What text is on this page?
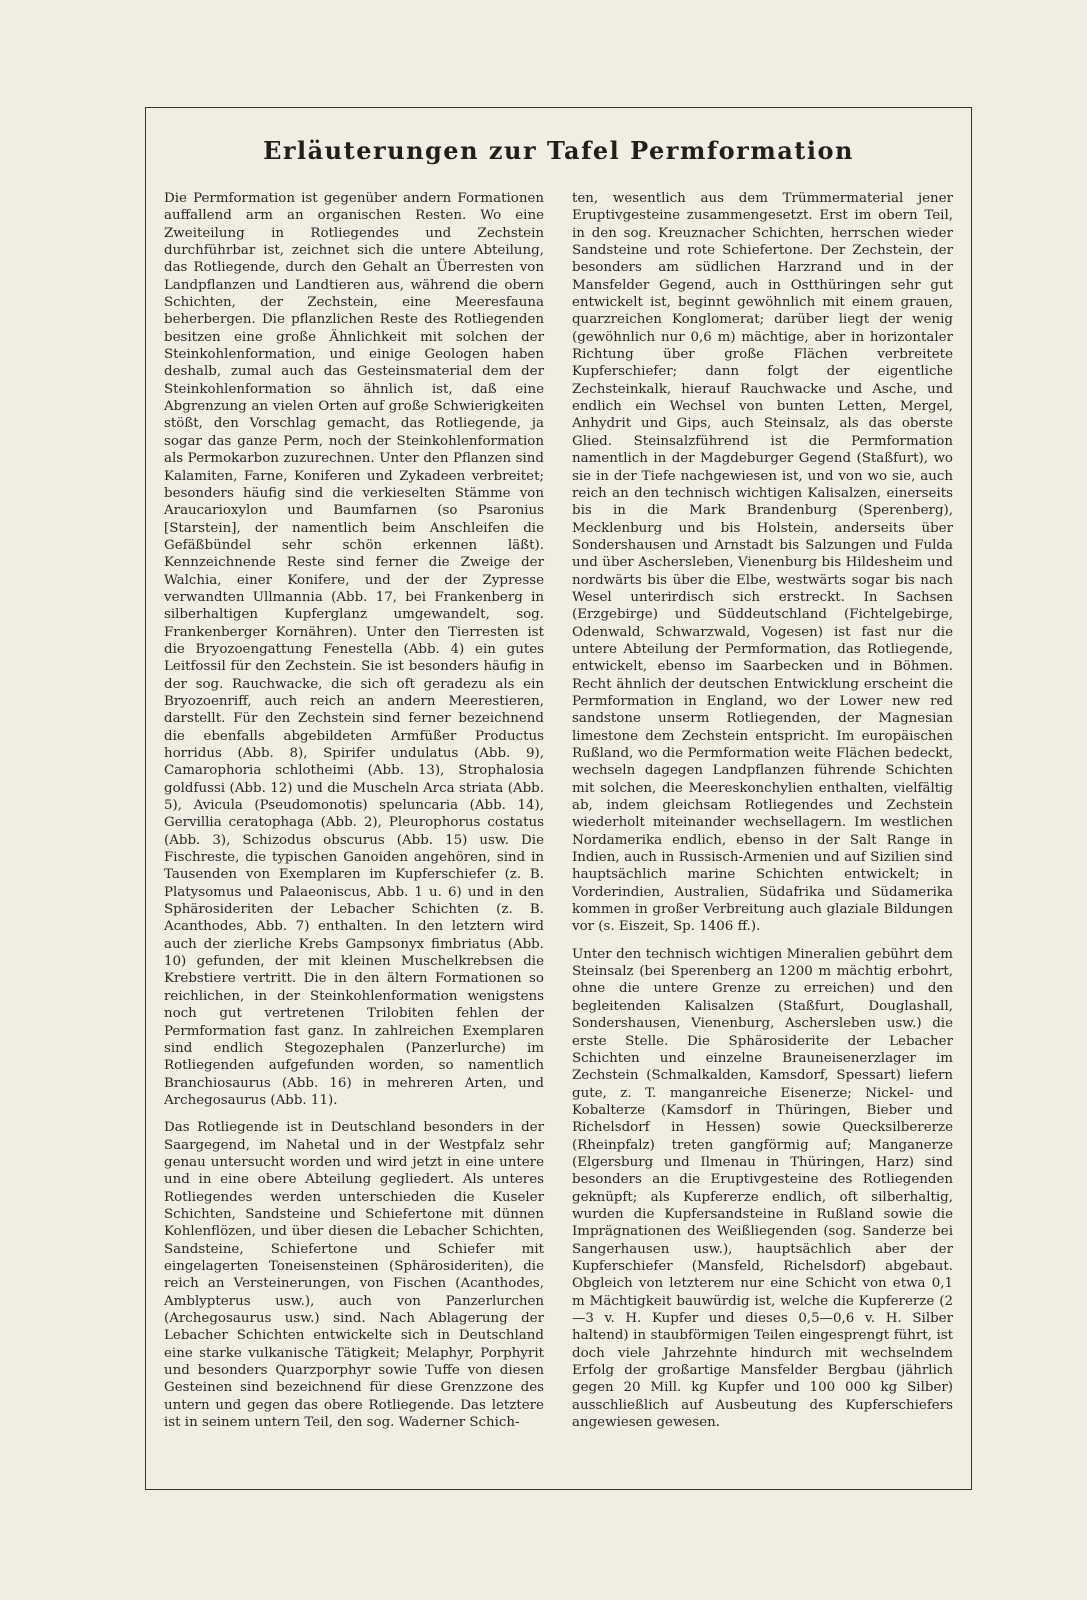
Erläuterungen zur Tafel Permformation

Die Permformation ist gegenüber andern Formationen auffallend arm an organischen Resten. Wo eine Zweiteilung in Rotliegendes und Zechstein durchführbar ist, zeichnet sich die untere Abteilung, das Rotliegende, durch den Gehalt an Überresten von Landpflanzen und Landtieren aus, während die obern Schichten, der Zechstein, eine Meeresfauna beherbergen. Die pflanzlichen Reste des Rotliegenden besitzen eine große Ähnlichkeit mit solchen der Steinkohlenformation, und einige Geologen haben deshalb, zumal auch das Gesteinsmaterial dem der Steinkohlenformation so ähnlich ist, daß eine Abgrenzung an vielen Orten auf große Schwierigkeiten stößt, den Vorschlag gemacht, das Rotliegende, ja sogar das ganze Perm, noch der Steinkohlenformation als Permokarbon zuzurechnen. Unter den Pflanzen sind Kalamiten, Farne, Koniferen und Zykadeen verbreitet; besonders häufig sind die verkieselten Stämme von Araucarioxylon und Baumfarnen (so Psaronius [Starstein], der namentlich beim Anschleifen die Gefäßbündel sehr schön erkennen läßt). Kennzeichnende Reste sind ferner die Zweige der Walchia, einer Konifere, und der der Zypresse verwandten Ullmannia (Abb. 17, bei Frankenberg in silberhaltigen Kupferglanz umgewandelt, sog. Frankenberger Kornähren). Unter den Tierresten ist die Bryozoengattung Fenestella (Abb. 4) ein gutes Leitfossil für den Zechstein. Sie ist besonders häufig in der sog. Rauchwacke, die sich oft geradezu als ein Bryozoenriff, auch reich an andern Meerestieren, darstellt. Für den Zechstein sind ferner bezeichnend die ebenfalls abgebildeten Armfüßer Productus horridus (Abb. 8), Spirifer undulatus (Abb. 9), Camarophoria schlotheimi (Abb. 13), Strophalosia goldfussi (Abb. 12) und die Muscheln Arca striata (Abb. 5), Avicula (Pseudomonotis) speluncaria (Abb. 14), Gervillia ceratophaga (Abb. 2), Pleurophorus costatus (Abb. 3), Schizodus obscurus (Abb. 15) usw. Die Fischreste, die typischen Ganoiden angehören, sind in Tausenden von Exemplaren im Kupferschiefer (z. B. Platysomus und Palaeoniscus, Abb. 1 u. 6) und in den Sphärosideriten der Lebacher Schichten (z. B. Acanthodes, Abb. 7) enthalten. In den letztern wird auch der zierliche Krebs Gampsonyx fimbriatus (Abb. 10) gefunden, der mit kleinen Muschelkrebsen die Krebstiere vertritt. Die in den ältern Formationen so reichlichen, in der Steinkohlenformation wenigstens noch gut vertretenen Trilobiten fehlen der Permformation fast ganz. In zahlreichen Exemplaren sind endlich Stegozephalen (Panzerlurche) im Rotliegenden aufgefunden worden, so namentlich Branchiosaurus (Abb. 16) in mehreren Arten, und Archegosaurus (Abb. 11).

Das Rotliegende ist in Deutschland besonders in der Saargegend, im Nahetal und in der Westpfalz sehr genau untersucht worden und wird jetzt in eine untere und in eine obere Abteilung gegliedert. Als unteres Rotliegendes werden unterschieden die Kuseler Schichten, Sandsteine und Schiefertone mit dünnen Kohlenflözen, und über diesen die Lebacher Schichten, Sandsteine, Schiefertone und Schiefer mit eingelagerten Toneisensteinen (Sphärosideriten), die reich an Versteinerungen, von Fischen (Acanthodes, Amblypterus usw.), auch von Panzerlurchen (Archegosaurus usw.) sind. Nach Ablagerung der Lebacher Schichten entwickelte sich in Deutschland eine starke vulkanische Tätigkeit; Melaphyr, Porphyrit und besonders Quarzporphyr sowie Tuffe von diesen Gesteinen sind bezeichnend für diese Grenzzone des untern und gegen das obere Rotliegende. Das letztere ist in seinem untern Teil, den sog. Waderner Schich-

ten, wesentlich aus dem Trümmermaterial jener Eruptivgesteine zusammengesetzt. Erst im obern Teil, in den sog. Kreuznacher Schichten, herrschen wieder Sandsteine und rote Schiefertone. Der Zechstein, der besonders am südlichen Harzrand und in der Mansfelder Gegend, auch in Ostthüringen sehr gut entwickelt ist, beginnt gewöhnlich mit einem grauen, quarzreichen Konglomerat; darüber liegt der wenig (gewöhnlich nur 0,6 m) mächtige, aber in horizontaler Richtung über große Flächen verbreitete Kupferschiefer; dann folgt der eigentliche Zechsteinkalk, hierauf Rauchwacke und Asche, und endlich ein Wechsel von bunten Letten, Mergel, Anhydrit und Gips, auch Steinsalz, als das oberste Glied. Steinsalzführend ist die Permformation namentlich in der Magdeburger Gegend (Staßfurt), wo sie in der Tiefe nachgewiesen ist, und von wo sie, auch reich an den technisch wichtigen Kalisalzen, einerseits bis in die Mark Brandenburg (Sperenberg), Mecklenburg und bis Holstein, anderseits über Sondershausen und Arnstadt bis Salzungen und Fulda und über Aschersleben, Vienenburg bis Hildesheim und nordwärts bis über die Elbe, westwärts sogar bis nach Wesel unterirdisch sich erstreckt. In Sachsen (Erzgebirge) und Süddeutschland (Fichtelgebirge, Odenwald, Schwarzwald, Vogesen) ist fast nur die untere Abteilung der Permformation, das Rotliegende, entwickelt, ebenso im Saarbecken und in Böhmen. Recht ähnlich der deutschen Entwicklung erscheint die Permformation in England, wo der Lower new red sandstone unserm Rotliegenden, der Magnesian limestone dem Zechstein entspricht. Im europäischen Rußland, wo die Permformation weite Flächen bedeckt, wechseln dagegen Landpflanzen führende Schichten mit solchen, die Meereskonchylien enthalten, vielfältig ab, indem gleichsam Rotliegendes und Zechstein wiederholt miteinander wechsellagern. Im westlichen Nordamerika endlich, ebenso in der Salt Range in Indien, auch in Russisch-Armenien und auf Sizilien sind hauptsächlich marine Schichten entwickelt; in Vorderindien, Australien, Südafrika und Südamerika kommen in großer Verbreitung auch glaziale Bildungen vor (s. Eiszeit, Sp. 1406 ff.).

Unter den technisch wichtigen Mineralien gebührt dem Steinsalz (bei Sperenberg an 1200 m mächtig erbohrt, ohne die untere Grenze zu erreichen) und den begleitenden Kalisalzen (Staßfurt, Douglashall, Sondershausen, Vienenburg, Aschersleben usw.) die erste Stelle. Die Sphärosiderite der Lebacher Schichten und einzelne Brauneisenerzlager im Zechstein (Schmalkalden, Kamsdorf, Spessart) liefern gute, z. T. manganreiche Eisenerze; Nickel- und Kobalterze (Kamsdorf in Thüringen, Bieber und Richelsdorf in Hessen) sowie Quecksilbererze (Rheinpfalz) treten gangförmig auf; Manganerze (Elgersburg und Ilmenau in Thüringen, Harz) sind besonders an die Eruptivgesteine des Rotliegenden geknüpft; als Kupfererze endlich, oft silberhaltig, wurden die Kupfersandsteine in Rußland sowie die Imprägnationen des Weißliegenden (sog. Sanderze bei Sangerhausen usw.), hauptsächlich aber der Kupferschiefer (Mansfeld, Richelsdorf) abgebaut. Obgleich von letzterem nur eine Schicht von etwa 0,1 m Mächtigkeit bauwürdig ist, welche die Kupfererze (2—3 v. H. Kupfer und dieses 0,5—0,6 v. H. Silber haltend) in staubförmigen Teilen eingesprengt führt, ist doch viele Jahrzehnte hindurch mit wechselndem Erfolg der großartige Mansfelder Bergbau (jährlich gegen 20 Mill. kg Kupfer und 100 000 kg Silber) ausschließlich auf Ausbeutung des Kupferschiefers angewiesen gewesen.
